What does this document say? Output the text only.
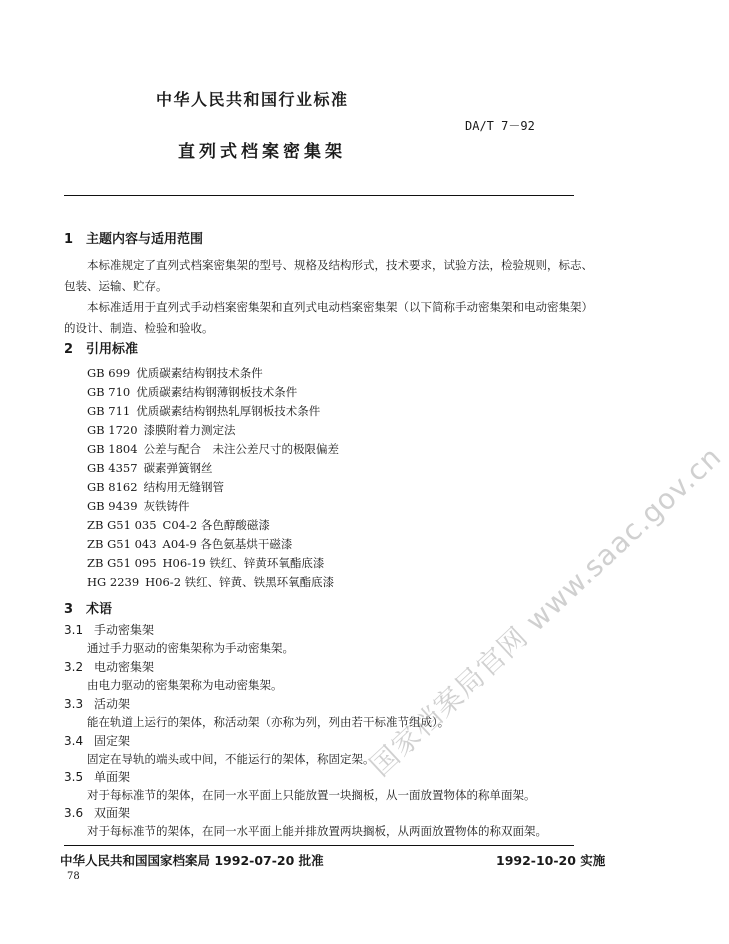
中华人民共和国行业标准
DA/T 7－92
直列式档案密集架
1 主题内容与适用范围
本标准规定了直列式档案密集架的型号、规格及结构形式，技术要求，试验方法，检验规则，标志、包装、运输、贮存。
本标准适用于直列式手动档案密集架和直列式电动档案密集架（以下简称手动密集架和电动密集架）的设计、制造、检验和验收。
2 引用标准
GB 699 优质碳素结构钢技术条件
GB 710 优质碳素结构钢薄钢板技术条件
GB 711 优质碳素结构钢热轧厚钢板技术条件
GB 1720 漆膜附着力测定法
GB 1804 公差与配合　未注公差尺寸的极限偏差
GB 4357 碳素弹簧钢丝
GB 8162 结构用无缝钢管
GB 9439 灰铁铸件
ZB G51 035 C04-2 各色醇酸磁漆
ZB G51 043 A04-9 各色氨基烘干磁漆
ZB G51 095 H06-19 铁红、锌黄环氧酯底漆
HG 2239 H06-2 铁红、锌黄、铁黑环氧酯底漆
3 术语
3.1 手动密集架
通过手力驱动的密集架称为手动密集架。
3.2 电动密集架
由电力驱动的密集架称为电动密集架。
3.3 活动架
能在轨道上运行的架体，称活动架（亦称为列，列由若干标准节组成）。
3.4 固定架
固定在导轨的端头或中间，不能运行的架体，称固定架。
3.5 单面架
对于每标准节的架体，在同一水平面上只能放置一块搁板，从一面放置物体的称单面架。
3.6 双面架
对于每标准节的架体，在同一水平面上能并排放置两块搁板，从两面放置物体的称双面架。
中华人民共和国国家档案局 1992-07-20 批准	1992-10-20 实施
78
国家档案局官网 www.saac.gov.cn
